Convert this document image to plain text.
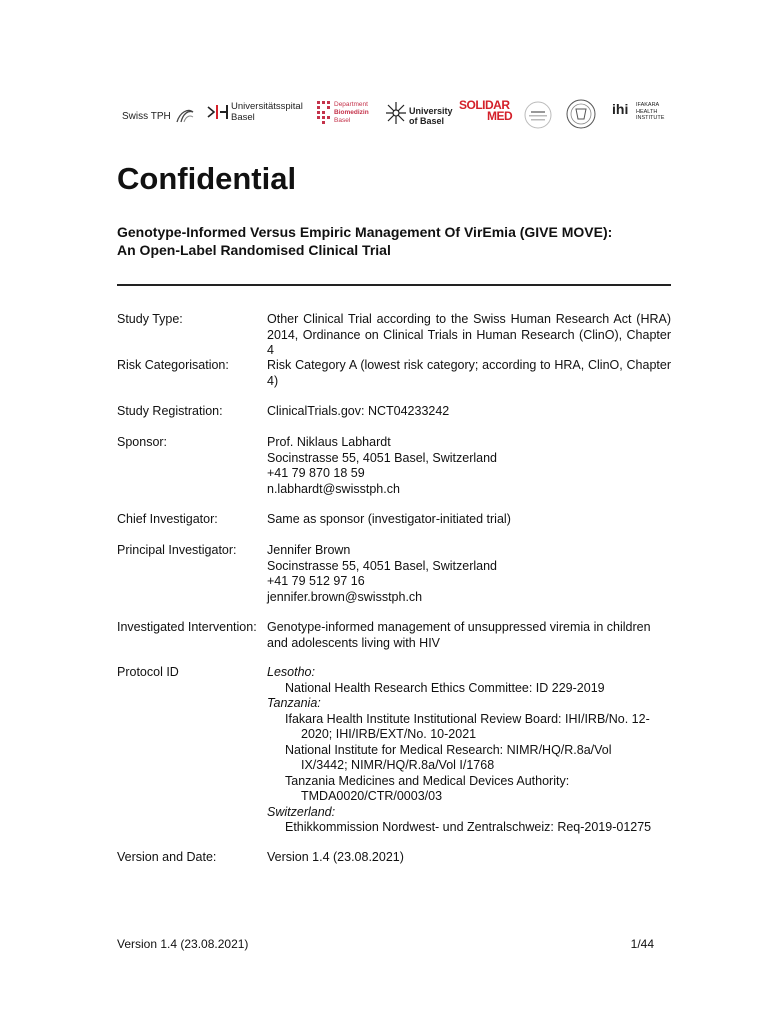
Swiss TPH
Universitätsspital
Basel
Department
Biomedizin
Basel
University
of Basel
SOLIDAR
MED	ihi IFAKARA
HEALTH
INSTITUTE
Confidential
Genotype-Informed Versus Empiric Management Of VirEmia (GIVE MOVE):
An Open-Label Randomised Clinical Trial
Study Type:	Other Clinical Trial according to the Swiss Human Research Act (HRA) 2014, Ordinance on Clinical Trials in Human Research (ClinO), Chapter 4
Risk Categorisation:	Risk Category A (lowest risk category; according to HRA, ClinO, Chapter 4)
Study Registration:	ClinicalTrials.gov: NCT04233242
Sponsor:	Prof. Niklaus Labhardt
Socinstrasse 55, 4051 Basel, Switzerland
+41 79 870 18 59
n.labhardt@swisstph.ch
Chief Investigator:	Same as sponsor (investigator-initiated trial)
Principal Investigator: Jennifer Brown
Socinstrasse 55, 4051 Basel, Switzerland
+41 79 512 97 16
jennifer.brown@swisstph.ch
Investigated Intervention: Genotype-informed management of unsuppressed viremia in children
and adolescents living with HIV
Protocol ID	Lesotho:
National Health Research Ethics Committee: ID 229-2019
Tanzania:
Ifakara Health Institute Institutional Review Board: IHI/IRB/No. 12-
2020; IHI/IRB/EXT/No. 10-2021
National Institute for Medical Research: NIMR/HQ/R.8a/Vol
IX/3442; NIMR/HQ/R.8a/Vol I/1768
Tanzania Medicines and Medical Devices Authority:
TMDA0020/CTR/0003/03
Switzerland:
Ethikkommission Nordwest- und Zentralschweiz: Req-2019-01275
Version and Date:	Version 1.4 (23.08.2021)
Version 1.4 (23.08.2021)	1/44
